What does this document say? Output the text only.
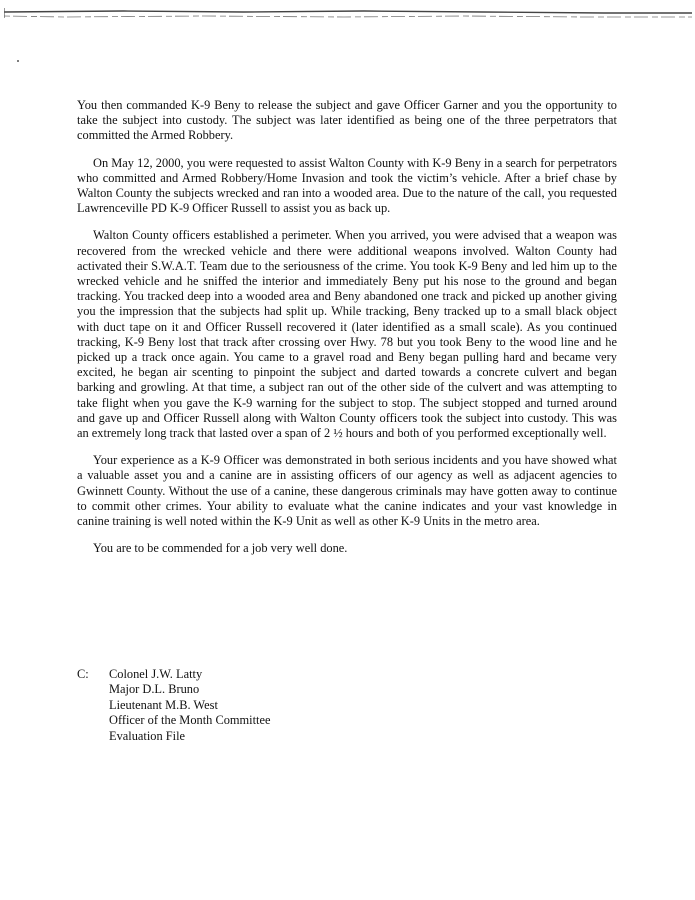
You then commanded K-9 Beny to release the subject and gave Officer Garner and you the opportunity to take the subject into custody. The subject was later identified as being one of the three perpetrators that committed the Armed Robbery.

On May 12, 2000, you were requested to assist Walton County with K-9 Beny in a search for perpetrators who committed and Armed Robbery/Home Invasion and took the victim’s vehicle. After a brief chase by Walton County the subjects wrecked and ran into a wooded area. Due to the nature of the call, you requested Lawrenceville PD K-9 Officer Russell to assist you as back up.

Walton County officers established a perimeter. When you arrived, you were advised that a weapon was recovered from the wrecked vehicle and there were additional weapons involved. Walton County had activated their S.W.A.T. Team due to the seriousness of the crime. You took K-9 Beny and led him up to the wrecked vehicle and he sniffed the interior and immediately Beny put his nose to the ground and began tracking. You tracked deep into a wooded area and Beny abandoned one track and picked up another giving you the impression that the subjects had split up. While tracking, Beny tracked up to a small black object with duct tape on it and Officer Russell recovered it (later identified as a small scale). As you continued tracking, K-9 Beny lost that track after crossing over Hwy. 78 but you took Beny to the wood line and he picked up a track once again. You came to a gravel road and Beny began pulling hard and became very excited, he began air scenting to pinpoint the subject and darted towards a concrete culvert and began barking and growling. At that time, a subject ran out of the other side of the culvert and was attempting to take flight when you gave the K-9 warning for the subject to stop. The subject stopped and turned around and gave up and Officer Russell along with Walton County officers took the subject into custody. This was an extremely long track that lasted over a span of 2 ½ hours and both of you performed exceptionally well.

Your experience as a K-9 Officer was demonstrated in both serious incidents and you have showed what a valuable asset you and a canine are in assisting officers of our agency as well as adjacent agencies to Gwinnett County. Without the use of a canine, these dangerous criminals may have gotten away to continue to commit other crimes. Your ability to evaluate what the canine indicates and your vast knowledge in canine training is well noted within the K-9 Unit as well as other K-9 Units in the metro area.

You are to be commended for a job very well done.

C:	Colonel J.W. Latty
Major D.L. Bruno
Lieutenant M.B. West
Officer of the Month Committee
Evaluation File
